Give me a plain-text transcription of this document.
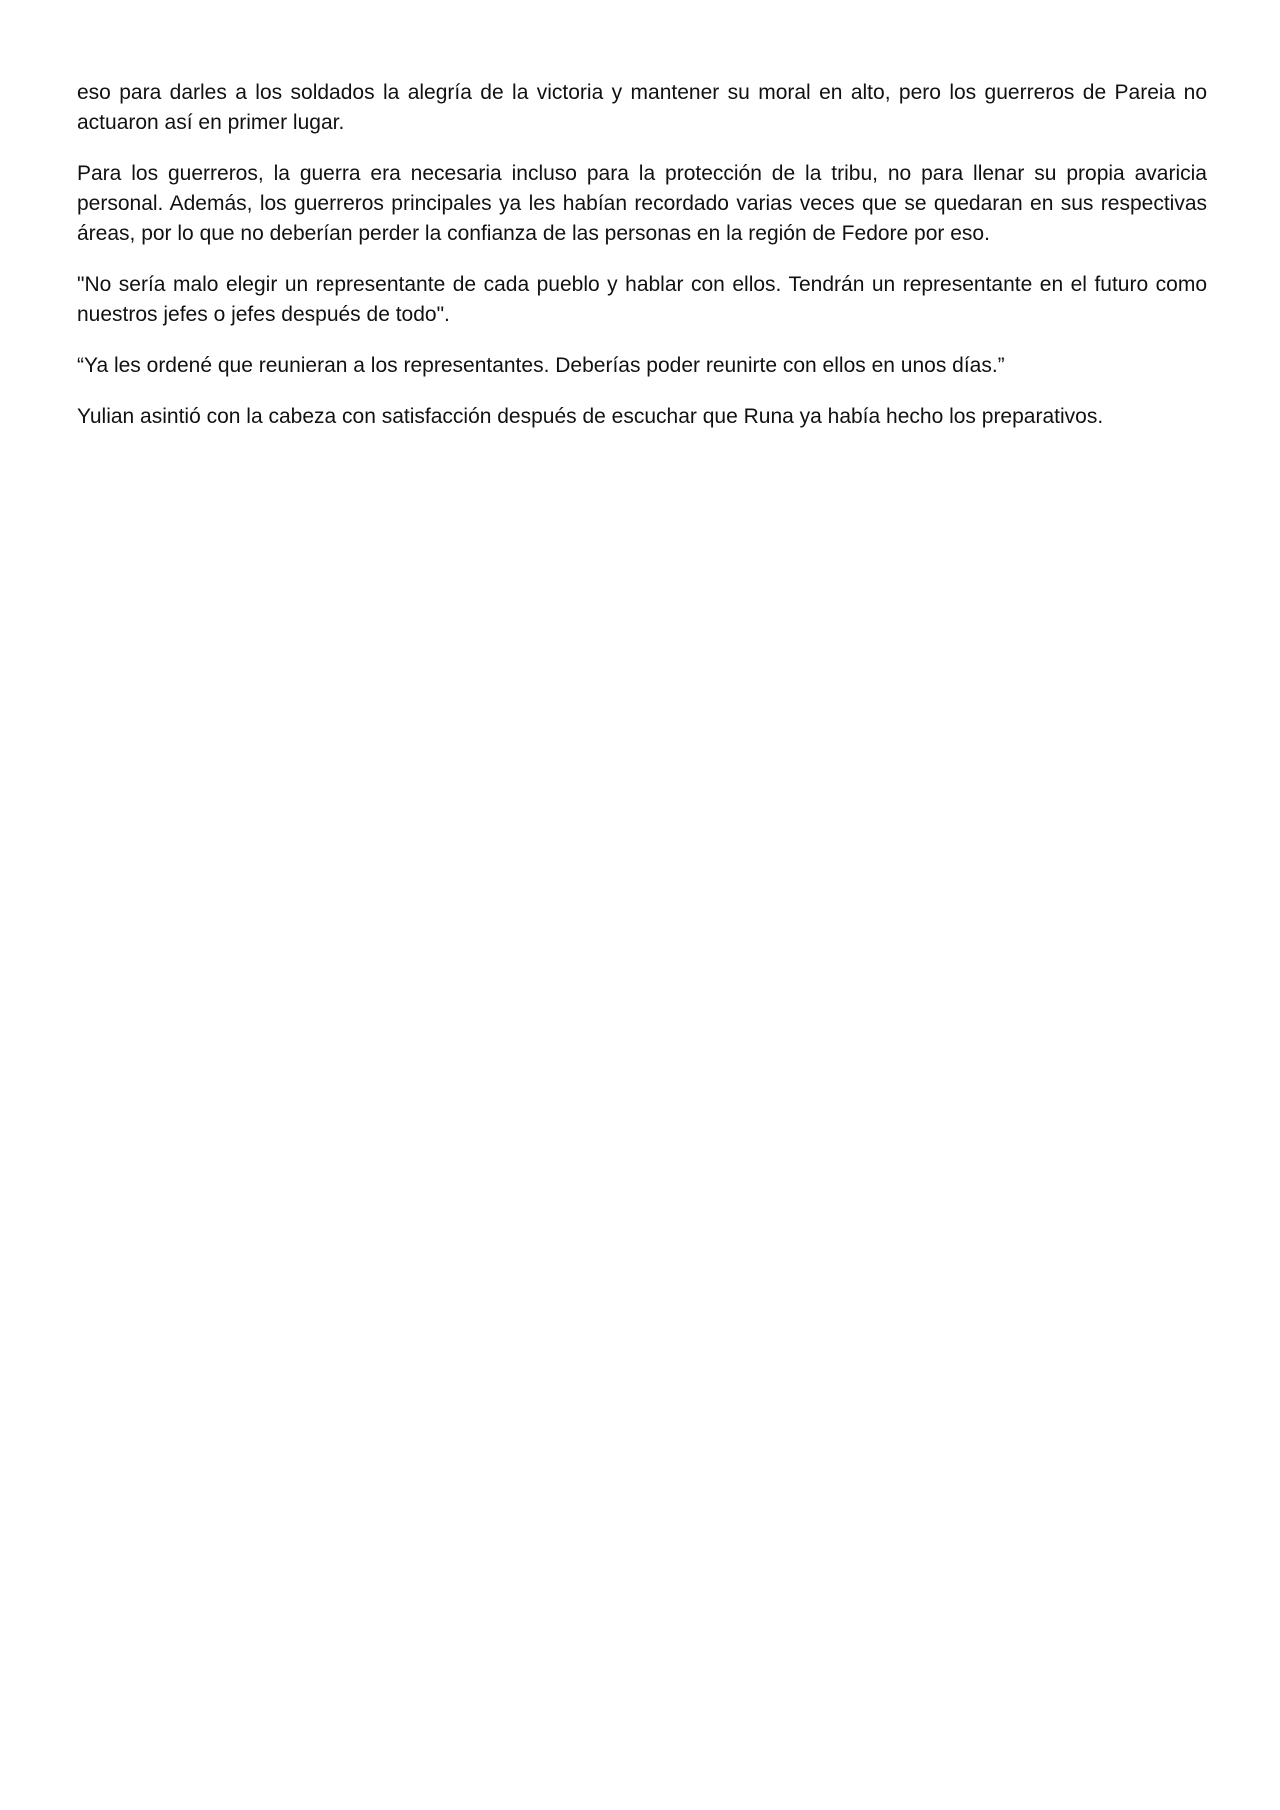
eso para darles a los soldados la alegría de la victoria y mantener su moral en alto, pero los guerreros de Pareia no actuaron así en primer lugar.

Para los guerreros, la guerra era necesaria incluso para la protección de la tribu, no para llenar su propia avaricia personal. Además, los guerreros principales ya les habían recordado varias veces que se quedaran en sus respectivas áreas, por lo que no deberían perder la confianza de las personas en la región de Fedore por eso.

"No sería malo elegir un representante de cada pueblo y hablar con ellos. Tendrán un representante en el futuro como nuestros jefes o jefes después de todo".

“Ya les ordené que reunieran a los representantes. Deberías poder reunirte con ellos en unos días.”

Yulian asintió con la cabeza con satisfacción después de escuchar que Runa ya había hecho los preparativos.
